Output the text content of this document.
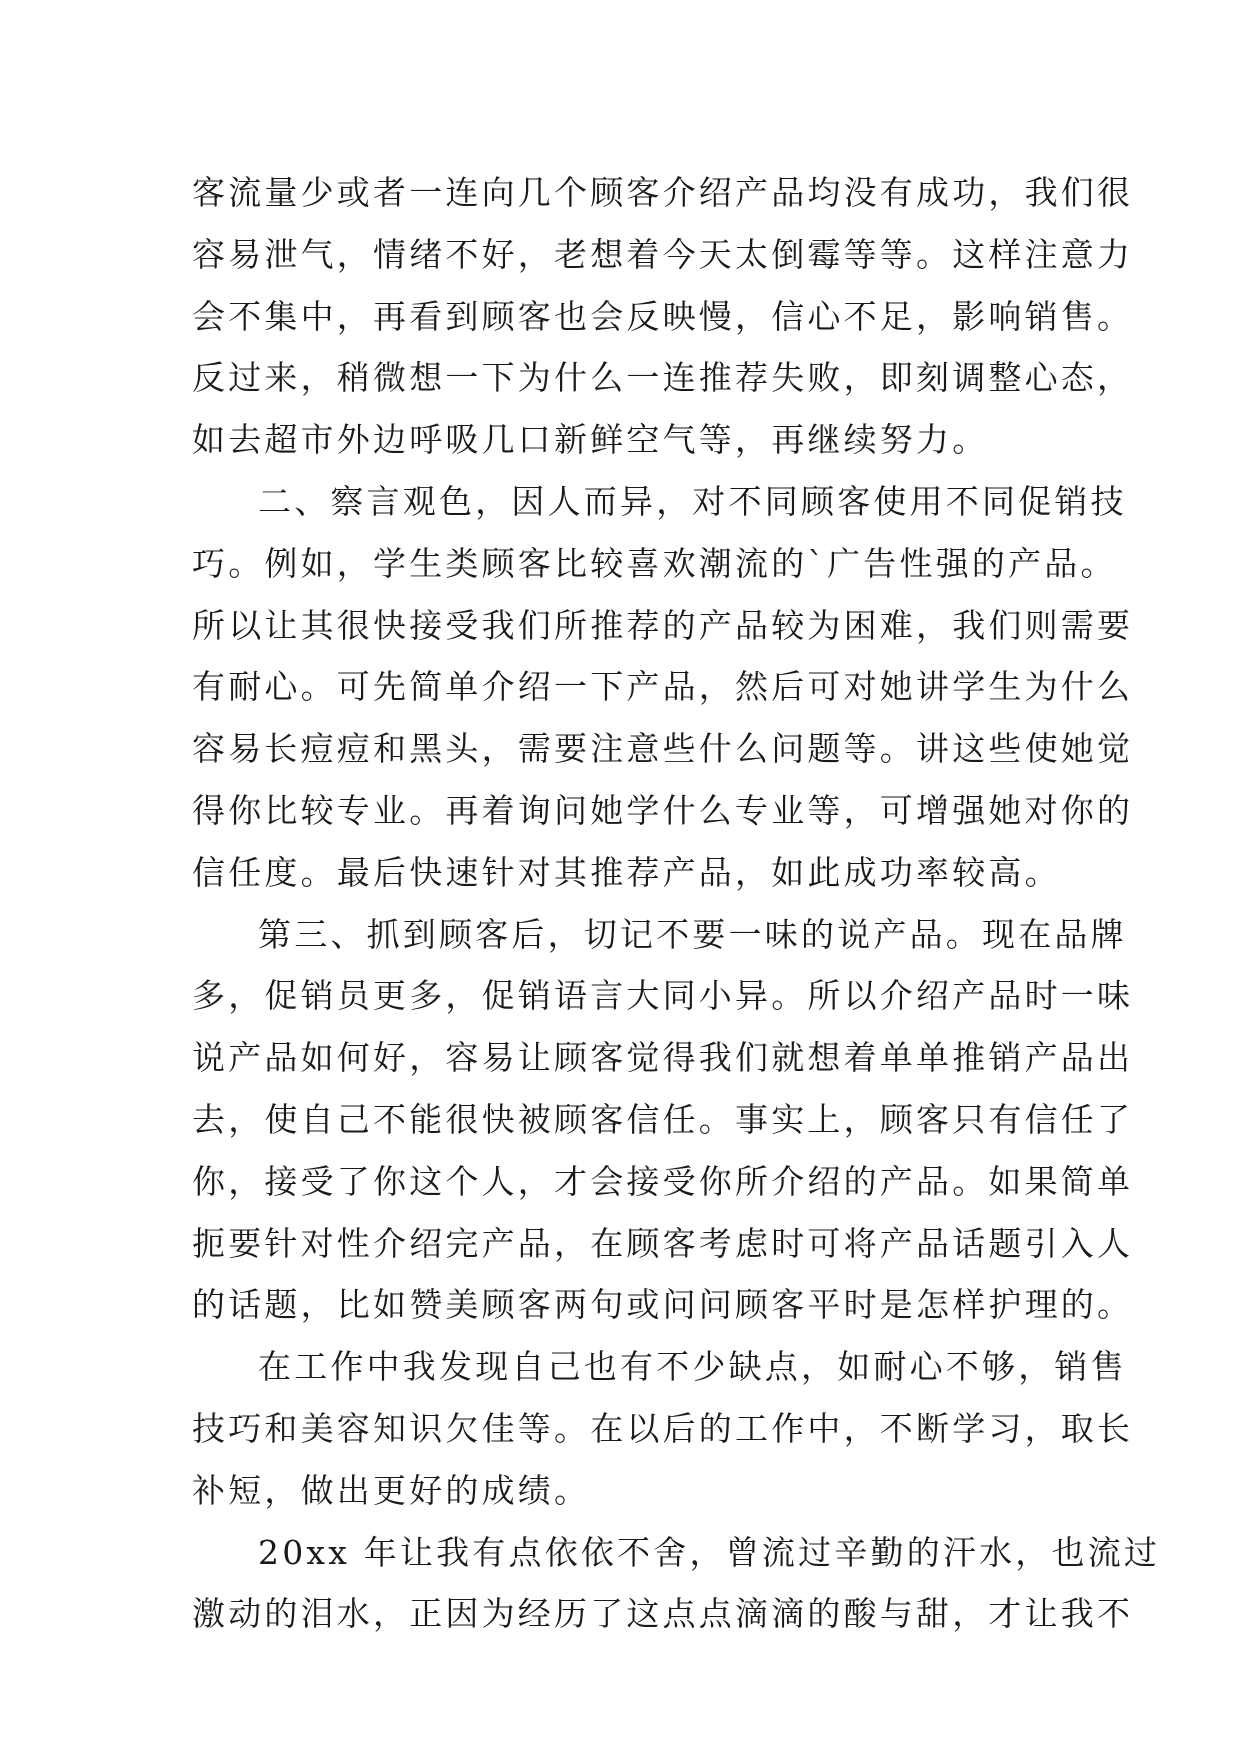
客流量少或者一连向几个顾客介绍产品均没有成功，我们很
容易泄气，情绪不好，老想着今天太倒霉等等。这样注意力
会不集中，再看到顾客也会反映慢，信心不足，影响销售。
反过来，稍微想一下为什么一连推荐失败，即刻调整心态，
如去超市外边呼吸几口新鲜空气等，再继续努力。
二、察言观色，因人而异，对不同顾客使用不同促销技
巧。例如，学生类顾客比较喜欢潮流的`广告性强的产品。
所以让其很快接受我们所推荐的产品较为困难，我们则需要
有耐心。可先简单介绍一下产品，然后可对她讲学生为什么
容易长痘痘和黑头，需要注意些什么问题等。讲这些使她觉
得你比较专业。再着询问她学什么专业等，可增强她对你的
信任度。最后快速针对其推荐产品，如此成功率较高。
第三、抓到顾客后，切记不要一味的说产品。现在品牌
多，促销员更多，促销语言大同小异。所以介绍产品时一味
说产品如何好，容易让顾客觉得我们就想着单单推销产品出
去，使自己不能很快被顾客信任。事实上，顾客只有信任了
你，接受了你这个人，才会接受你所介绍的产品。如果简单
扼要针对性介绍完产品，在顾客考虑时可将产品话题引入人
的话题，比如赞美顾客两句或问问顾客平时是怎样护理的。
在工作中我发现自己也有不少缺点，如耐心不够，销售
技巧和美容知识欠佳等。在以后的工作中，不断学习，取长
补短，做出更好的成绩。
20xx 年让我有点依依不舍，曾流过辛勤的汗水，也流过
激动的泪水，正因为经历了这点点滴滴的酸与甜，才让我不
